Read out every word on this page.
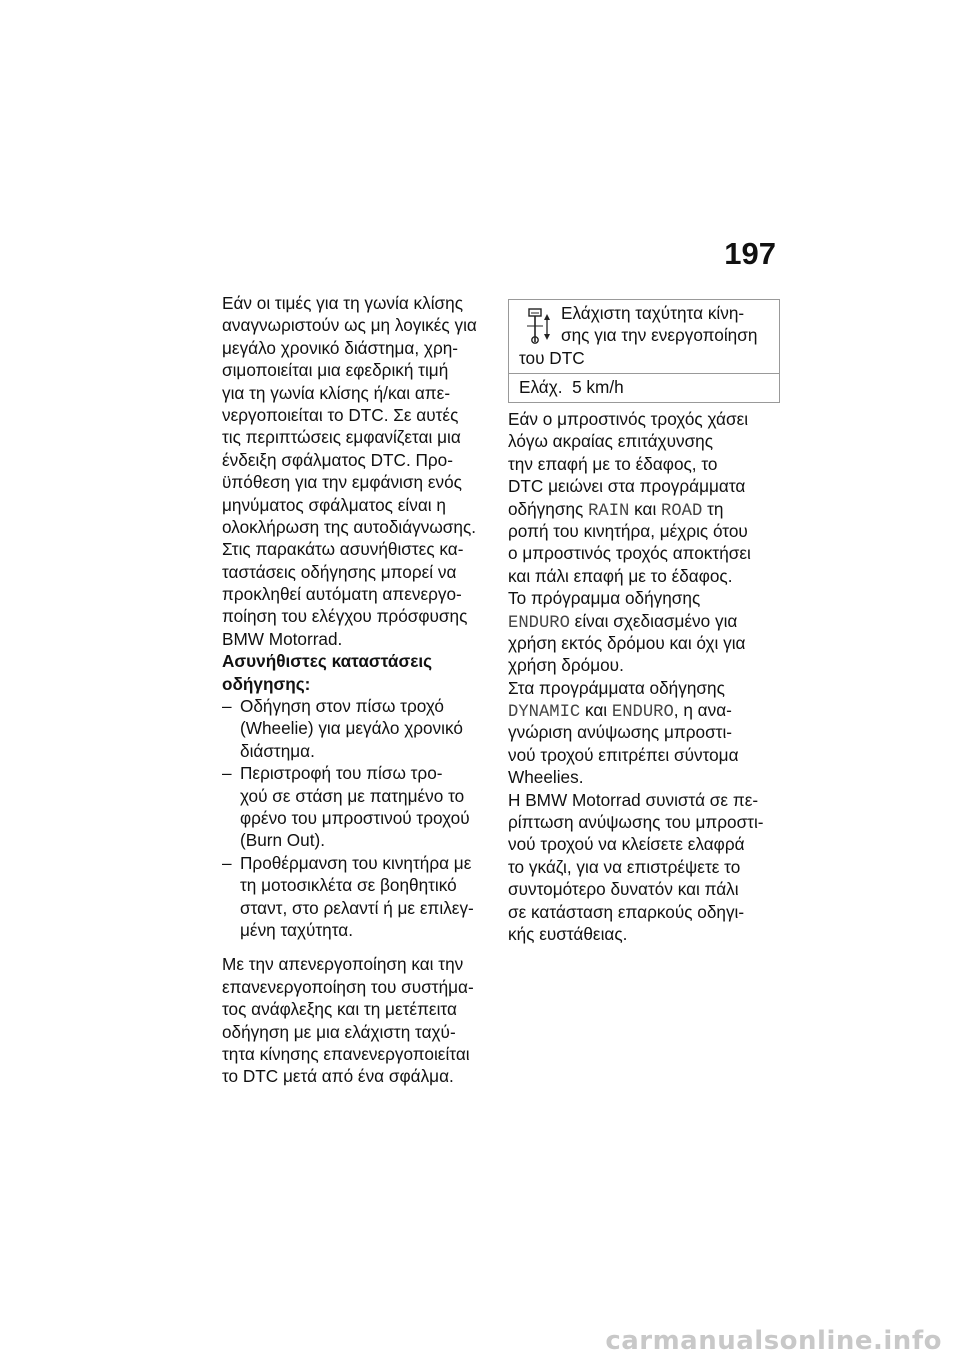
197
Εάν οι τιμές για τη γωνία κλίσης
αναγνωριστούν ως μη λογικές για
μεγάλο χρονικό διάστημα, χρη-
σιμοποιείται μια εφεδρική τιμή
για τη γωνία κλίσης ή/και απε-
νεργοποιείται το DTC. Σε αυτές
τις περιπτώσεις εμφανίζεται μια
ένδειξη σφάλματος DTC. Προ-
ϋπόθεση για την εμφάνιση ενός
μηνύματος σφάλματος είναι η
ολοκλήρωση της αυτοδιάγνωσης.
Στις παρακάτω ασυνήθιστες κα-
ταστάσεις οδήγησης μπορεί να
προκληθεί αυτόματη απενεργο-
ποίηση του ελέγχου πρόσφυσης
BMW Motorrad.
Ασυνήθιστες καταστάσεις
οδήγησης:
– Οδήγηση στον πίσω τροχό
(Wheelie) για μεγάλο χρονικό
διάστημα.
– Περιστροφή του πίσω τρο-
χού σε στάση με πατημένο το
φρένο του μπροστινού τροχού
(Burn Out).
– Προθέρμανση του κινητήρα με
τη μοτοσικλέτα σε βοηθητικό
σταντ, στο ρελαντί ή με επιλεγ-
μένη ταχύτητα.
Με την απενεργοποίηση και την
επανενεργοποίηση του συστήμα-
τος ανάφλεξης και τη μετέπειτα
οδήγηση με μια ελάχιστη ταχύ-
τητα κίνησης επανενεργοποιείται
το DTC μετά από ένα σφάλμα.
Ελάχιστη ταχύτητα κίνη-
σης για την ενεργοποίηση
του DTC
Ελάχ. 5 km/h
Εάν ο μπροστινός τροχός χάσει
λόγω ακραίας επιτάχυνσης
την επαφή με το έδαφος, το
DTC μειώνει στα προγράμματα
οδήγησης RAIN και ROAD τη
ροπή του κινητήρα, μέχρις ότου
ο μπροστινός τροχός αποκτήσει
και πάλι επαφή με το έδαφος.
Το πρόγραμμα οδήγησης
ENDURO είναι σχεδιασμένο για
χρήση εκτός δρόμου και όχι για
χρήση δρόμου.
Στα προγράμματα οδήγησης
DYNAMIC και ENDURO, η ανα-
γνώριση ανύψωσης μπροστι-
νού τροχού επιτρέπει σύντομα
Wheelies.
Η BMW Motorrad συνιστά σε πε-
ρίπτωση ανύψωσης του μπροστι-
νού τροχού να κλείσετε ελαφρά
το γκάζι, για να επιστρέψετε το
συντομότερο δυνατόν και πάλι
σε κατάσταση επαρκούς οδηγι-
κής ευστάθειας.
carmanualsonline.info
